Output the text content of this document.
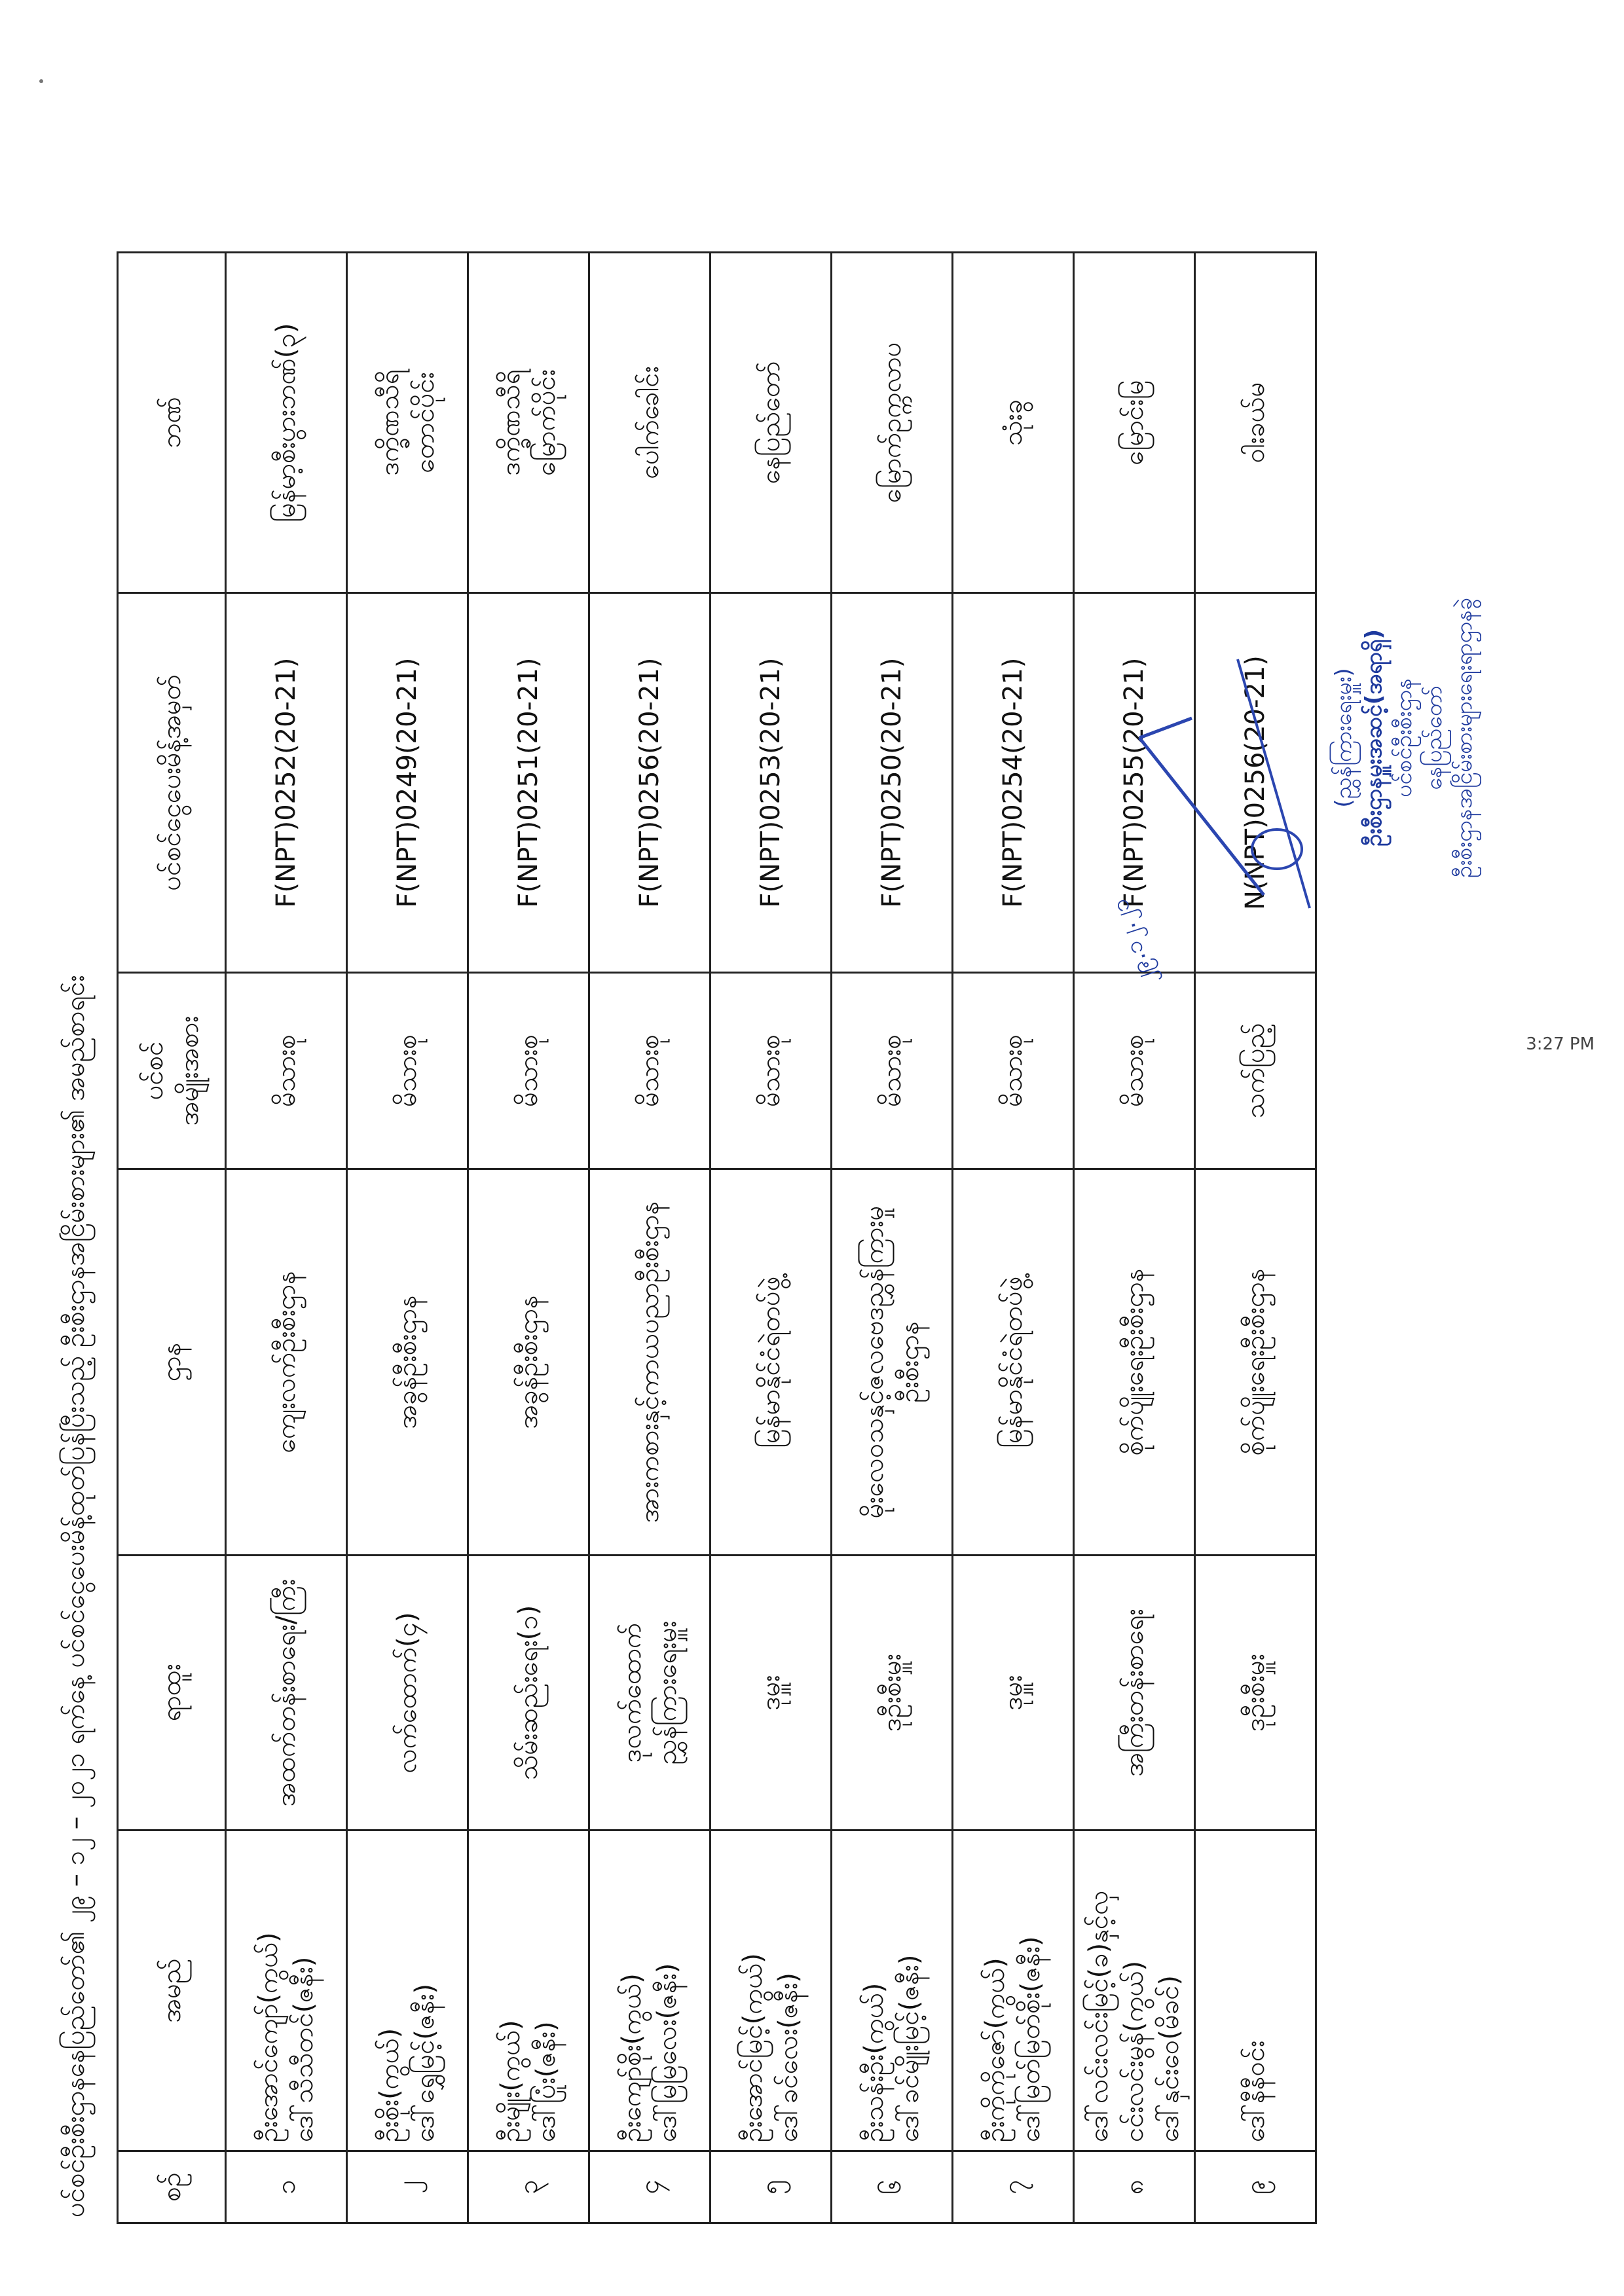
ပင်စင်ဦးစီးဌာနနေပြည်တော်၏ ၂၉ – ၁၂ – ၂၀၂၁ ရက်နေ့ ပင်စင်ငွေပေးမိန့်ထုတ်ပြန်ပြီးသည့် ဦးစီးဌာနအငြိမ်းစားများ၏ အမည်စာရင်း	စဥ်	အမည်	ရာထူး	ဌာန	ပင်စင် အမျိုးအစား	ပင်စင်ငွေပေးမိန့်အမှတ်	ဘဏ်
၁	ဦးအောင်ကျော်(ကွယ်) ဒေါ်သီသီတင်(ဇနီး)	အထက်တန်းစာရေး/ကြီး	ကျေးလက်ဦးစီးဌာန	မိသားစု	F(NPT)0252(20-21)	မြန်မာ့စီးပွားဘဏ်(၃)

၂	ဦးစိုး(ကွယ်) ဒေါ်ရွှေမြင့်(ဇနီး)	လက်ထောက်(၄)	အခွန်ဦးစီးဌာန	မိသားစု	F(NPT)0249(20-21)	ဒက္ခိဏသီရိ တောင်ပိုင်း

၃	ဦးမျိုး(ကွယ်) ဒေါ်ပြုံး(ဇနီး)	သိမ်းဆည်းရေး(၁)	အခွန်ဦးစီးဌာန	မိသားစု	F(NPT)0251(20-21)	ဒက္ခိဏသီရိ မြောက်ပိုင်း

၄	ဦးကျော်စိုး(ကွယ်) ဒေါ်မြမြလေး(ဇနီး)	ဒုလက်ထောက် ညွှန်ကြားရေးမှူး	အားကစားနှင့်ကာယပညာဦးစီးဌာန	မိသားစု	F(NPT)0256(20-21)	ပေါက်ခေါင်း

၅	ဦးအောင်မြင့်(ကွယ်) ဒေါ်ခင်လေး(ဇနီး)	ဒုမှူး	မြန်မာနိုင်ငံရဲတပ်ဖွဲ့	မိသားစု	F(NPT)0253(20-21)	နေပြည်တော်

၆	ဦးသန်းဦး(ကွယ်) ဒေါ်ခင်မျိုးမြင့်(ဇနီး)	ဒုဦးစီးမှူး	မိုးလေဝသနှင့်ဇလဗေဒညွှန်ကြားမှုဦးစီးဌာန	မိသားစု	F(NPT)0250(20-21)	မြောက်ဥက္ကလာပ

၇	ဦးကိုကိုဇော်(ကွယ်) ဒေါ်မြတ်မြတ်စိုး(ဇနီး)	ဒုမှူး	မြန်မာနိုင်ငံရဲတပ်ဖွဲ့	မိသားစု	F(NPT)0254(20-21)	သုံးခွ

၈	ဒေါ်လင်းလင်းမြင့်(ခ)နှင့်လှ ငင်းလင်းမွန်(ကွယ်) ဒေါ်နှင်းဝေ(မိခင်)	အကြီးတန်းစာရေး	စိုက်ပျိုးရေးဦးစီးဌာန	မိသားစု	F(NPT)0255(20-21)	မြောင်းမြ

၉	ဒေါ်နီနီဝင်း	ဒုဦးစီးမှူး	စိုက်ပျိုးရေးဦးစီးဌာန	သက်ပြည့်	N(NPT)0256(20-21)	ဝါးခယ်မ
(ညွှန်ကြားရေးမှူး) ဦးစီးဌာနမှူးအဆင့်(အရာရှိ) ပင်စင်ဦးစီးဌာန နေပြည်တော် ဦးစီးဌာနအငြိမ်းစားများရေးရာဌာနခွဲ
၂၉.၁၂.၂၁
3:27 PM
